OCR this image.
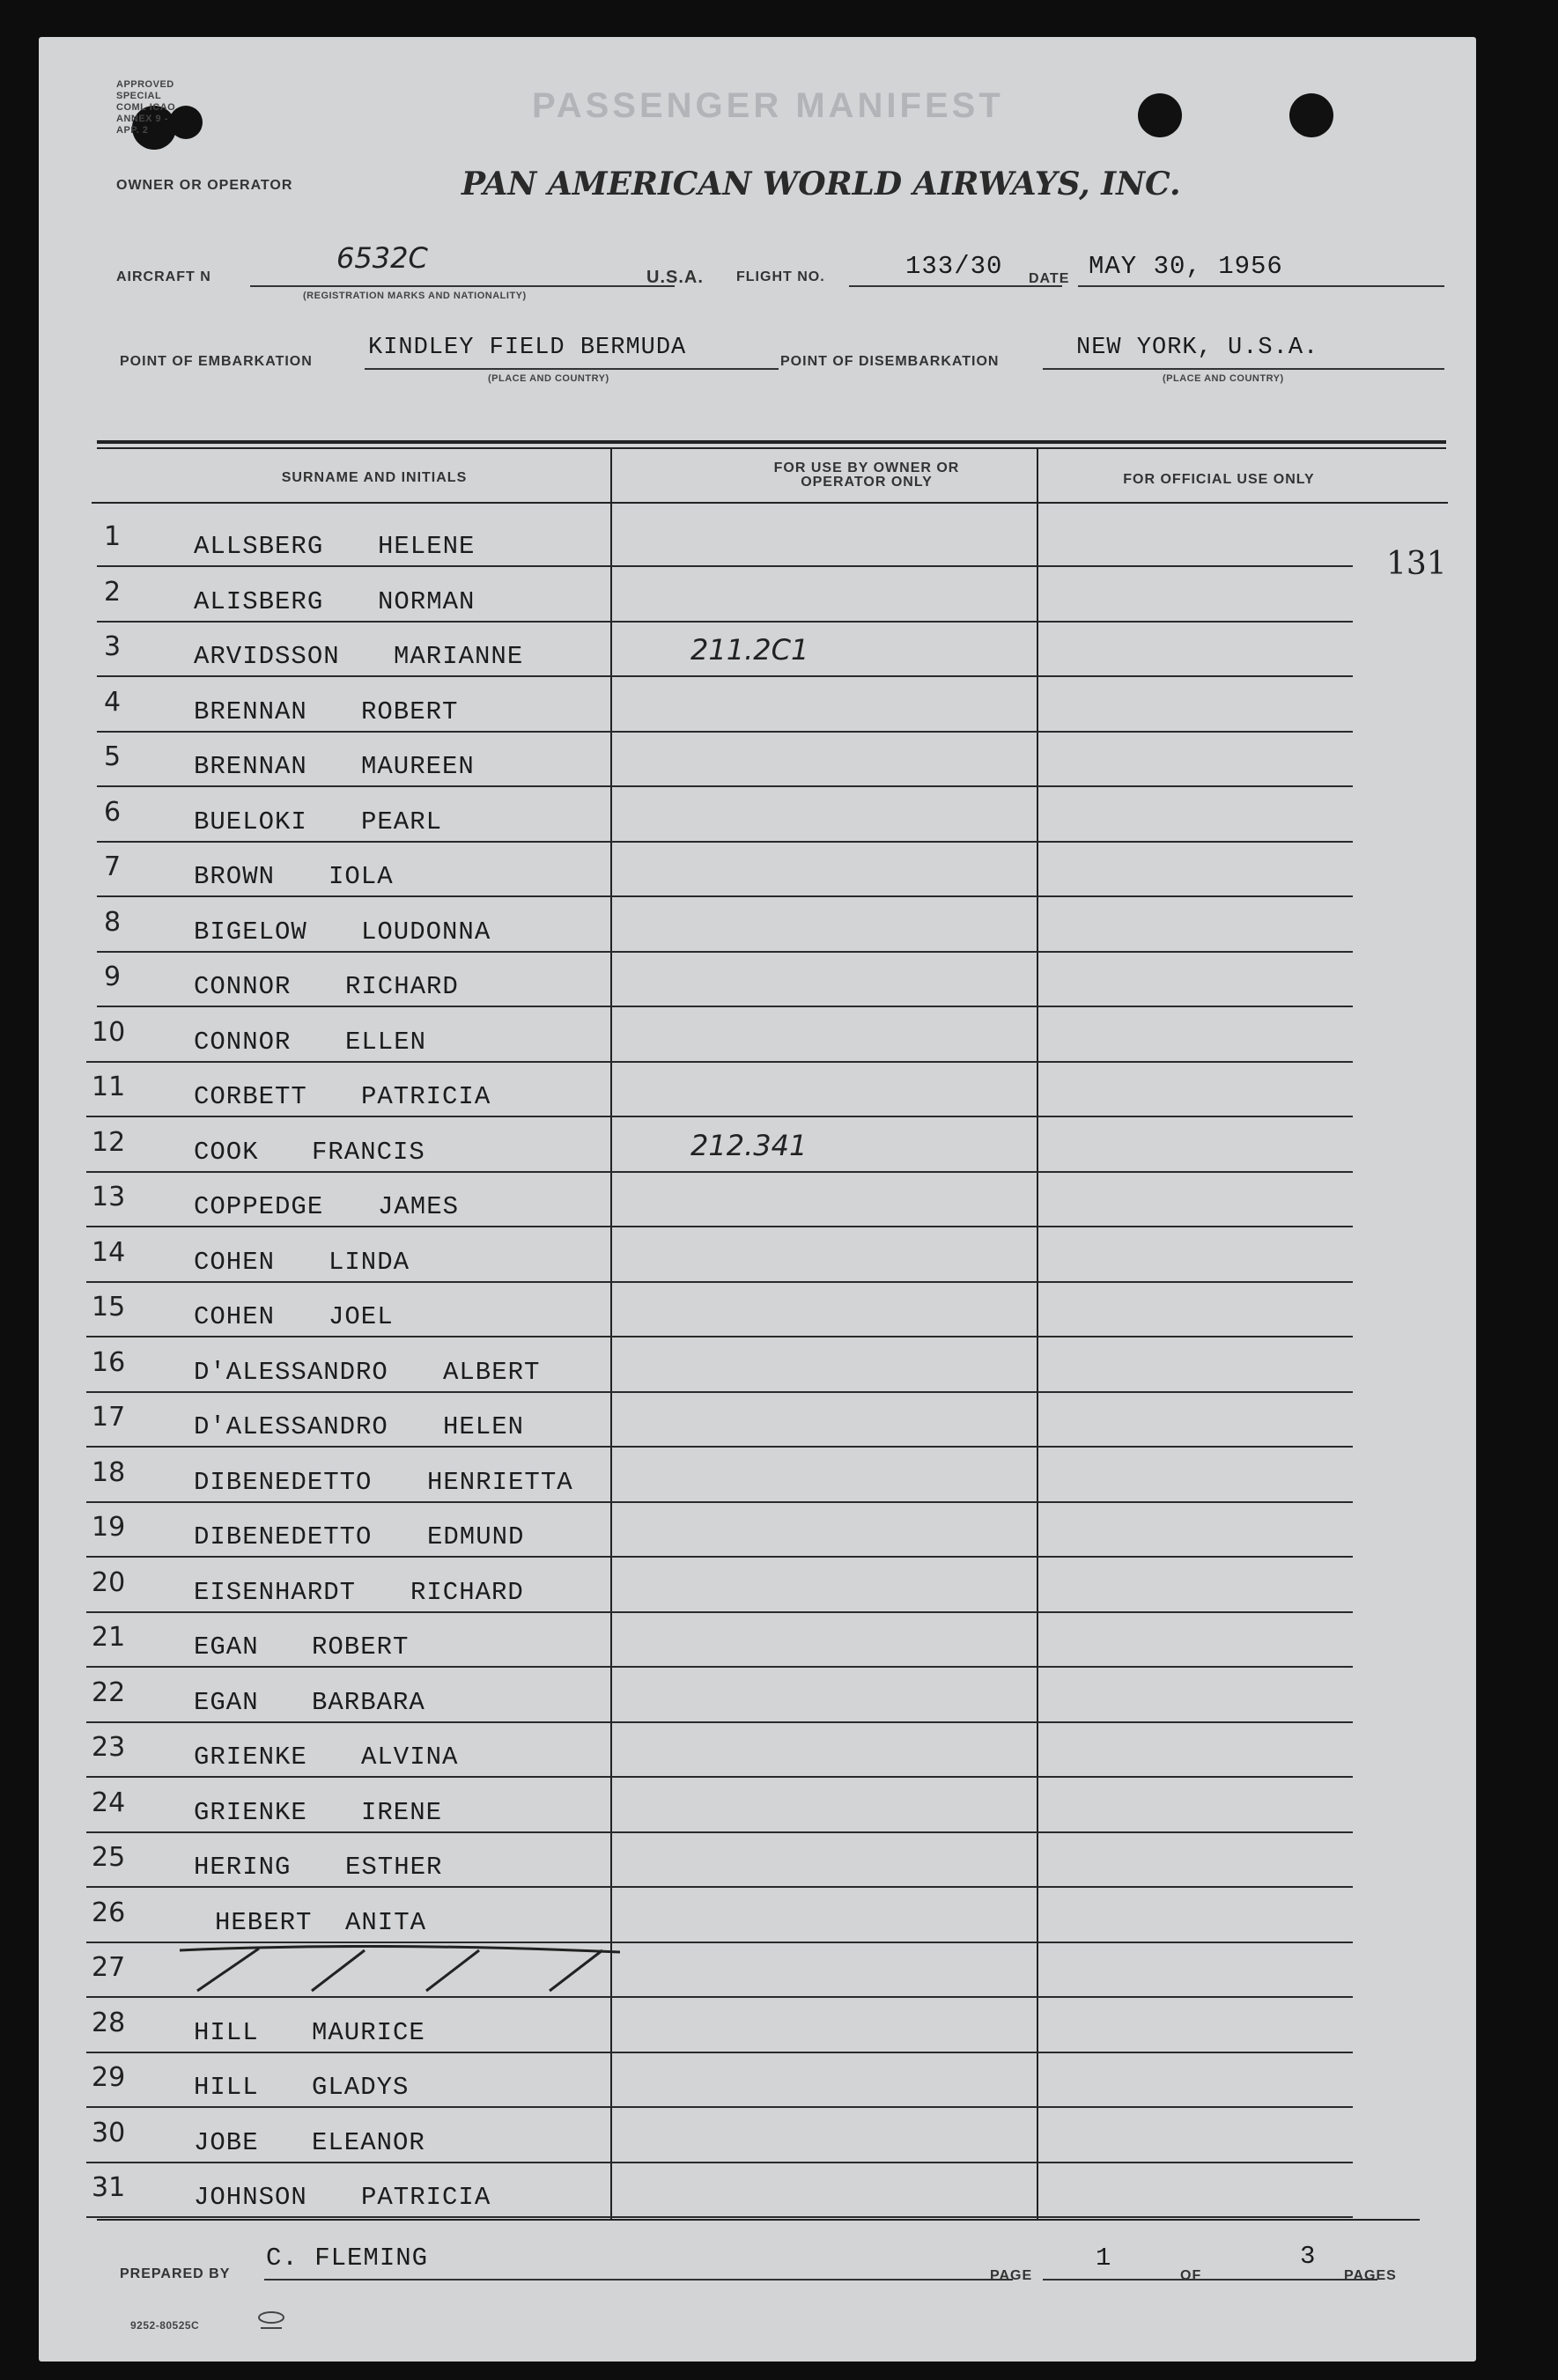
APPROVED SPECIAL COML ICAO ANNEX 9 - APP. 2
PASSENGER MANIFEST
OWNER OR OPERATOR	PAN AMERICAN WORLD AIRWAYS, INC.
AIRCRAFT N
6532C
(REGISTRATION MARKS AND NATIONALITY)
U.S.A. FLIGHT NO.	133/30 DATE MAY 30, 1956
POINT OF EMBARKATION
KINDLEY FIELD BERMUDA
(PLACE AND COUNTRY)
POINT OF DISEMBARKATION
NEW YORK, U.S.A.
(PLACE AND COUNTRY)
SURNAME AND INITIALS
FOR USE BY OWNER OR OPERATOR ONLY	FOR OFFICIAL USE ONLY
131
1	ALLSBERG HELENE
2	ALISBERG NORMAN
3	ARVIDSSON MARIANNE	211.2C1
4	BRENNAN ROBERT
5	BRENNAN MAUREEN
6	BUELOKI PEARL
7	BROWN IOLA
8	BIGELOW LOUDONNA
9	CONNOR RICHARD
10	CONNOR ELLEN
11	CORBETT PATRICIA
12	COOK FRANCIS	212.341
13	COPPEDGE JAMES
14	COHEN LINDA
15	COHEN JOEL
16	D'ALESSANDRO ALBERT
17	D'ALESSANDRO HELEN
18	DIBENEDETTO HENRIETTA
19	DIBENEDETTO EDMUND
20	EISENHARDT RICHARD
21	EGAN ROBERT
22	EGAN BARBARA
23	GRIENKE ALVINA
24	GRIENKE IRENE
25	HERING ESTHER
26	HEBERT ANITA
27
28	HILL MAURICE
29	HILL GLADYS
30	JOBE ELEANOR
31	JOHNSON PATRICIA
PREPARED BY
C. FLEMING
PAGE
1
OF
3
PAGES
9252-80525C
